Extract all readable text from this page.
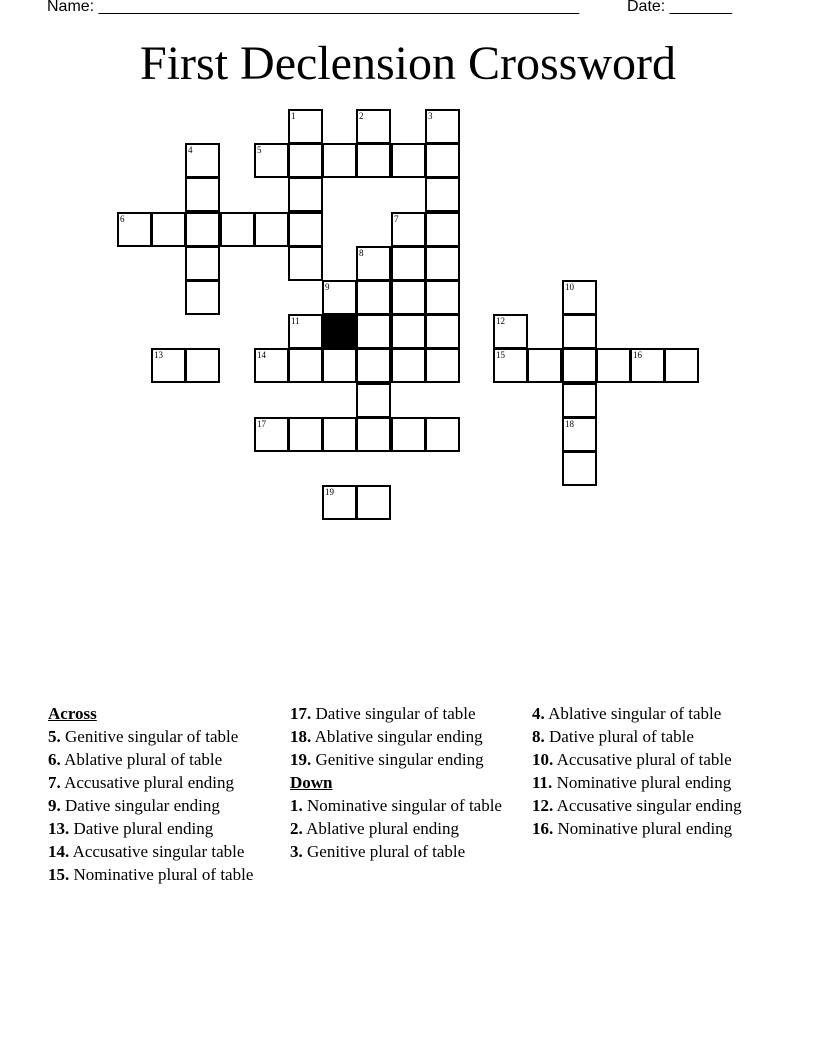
Name: ______________________________________________________	Date: _______
First Declension Crossword
1	2	3
4	5
6	7
8
9	10
11	12
13	14	15	16
17	18
19
Across
5. Genitive singular of table
6. Ablative plural of table
7. Accusative plural ending
9. Dative singular ending
13. Dative plural ending
14. Accusative singular table
15. Nominative plural of table
17. Dative singular of table
18. Ablative singular ending
19. Genitive singular ending
Down
1. Nominative singular of table
2. Ablative plural ending
3. Genitive plural of table
4. Ablative singular of table
8. Dative plural of table
10. Accusative plural of table
11. Nominative plural ending
12. Accusative singular ending
16. Nominative plural ending
